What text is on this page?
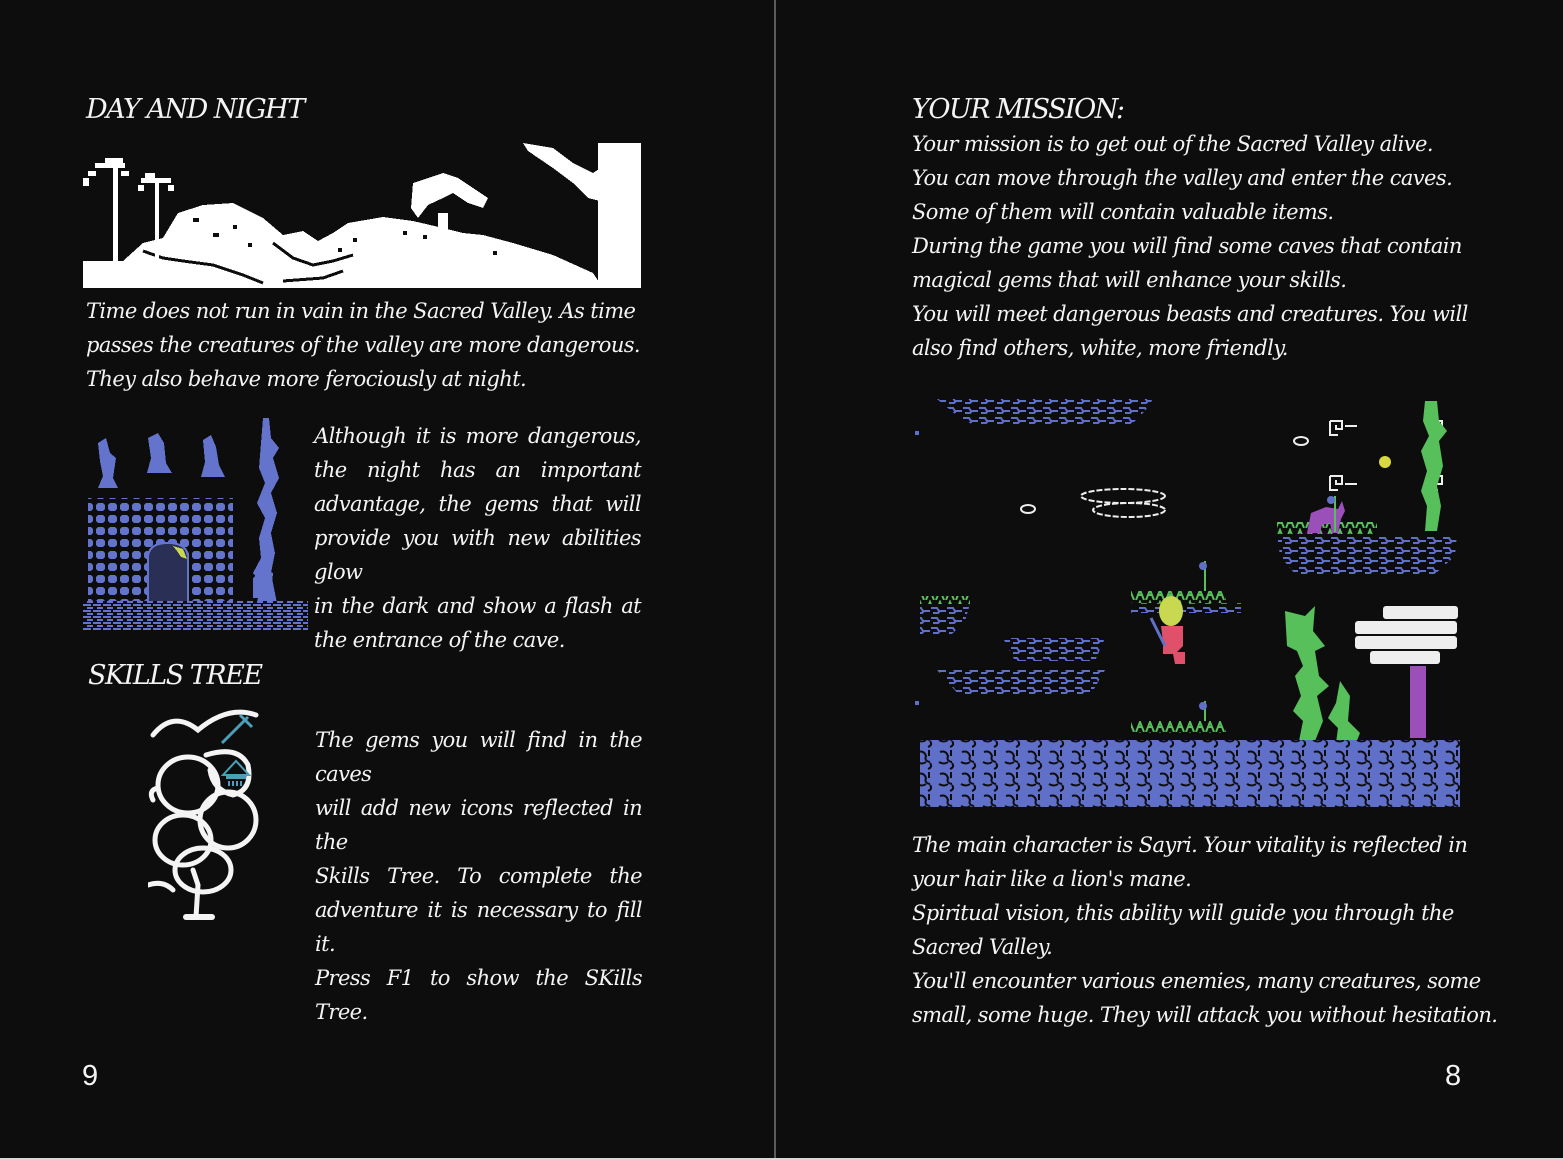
DAY AND NIGHT
Time does not run in vain in the Sacred Valley. As time
passes the creatures of the valley are more dangerous.
They also behave more ferociously at night.
Although it is more dangerous,
the night has an important
advantage, the gems that will
provide you with new abilities glow
in the dark and show a flash at
the entrance of the cave.
SKILLS TREE
The gems you will find in the caves
will add new icons reflected in the
Skills Tree. To complete the
adventure it is necessary to fill it.
Press F1 to show the SKills Tree.
9
YOUR MISSION:
Your mission is to get out of the Sacred Valley alive.
You can move through the valley and enter the caves.
Some of them will contain valuable items.
During the game you will find some caves that contain
magical gems that will enhance your skills.
You will meet dangerous beasts and creatures. You will
also find others, white, more friendly.
The main character is Sayri. Your vitality is reflected in
your hair like a lion's mane.
Spiritual vision, this ability will guide you through the
Sacred Valley.
You'll encounter various enemies, many creatures, some
small, some huge. They will attack you without hesitation.
8
